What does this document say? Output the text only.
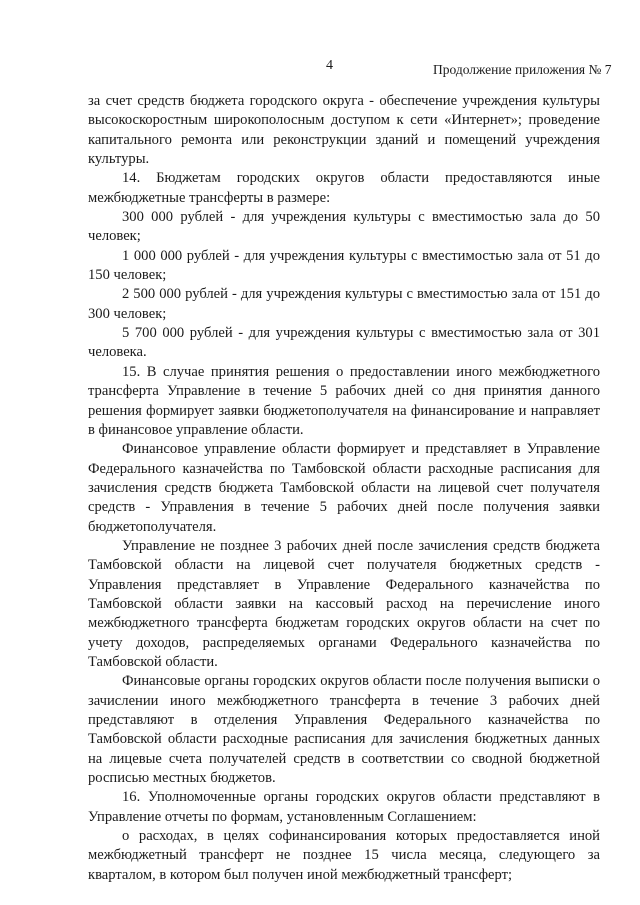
4	Продолжение приложения № 7

за счет средств бюджета городского округа - обеспечение учреждения культуры высокоскоростным широкополосным доступом к сети «Интернет»; проведение капитального ремонта или реконструкции зданий и помещений учреждения культуры.

14. Бюджетам городских округов области предоставляются иные межбюджетные трансферты в размере:

300 000 рублей - для учреждения культуры с вместимостью зала до 50 человек;

1 000 000 рублей - для учреждения культуры с вместимостью зала от 51 до 150 человек;

2 500 000 рублей - для учреждения культуры с вместимостью зала от 151 до 300 человек;

5 700 000 рублей - для учреждения культуры с вместимостью зала от 301 человека.

15. В случае принятия решения о предоставлении иного межбюджетного трансферта Управление в течение 5 рабочих дней со дня принятия данного решения формирует заявки бюджетополучателя на финансирование и направляет в финансовое управление области.

Финансовое управление области формирует и представляет в Управление Федерального казначейства по Тамбовской области расходные расписания для зачисления средств бюджета Тамбовской области на лицевой счет получателя средств - Управления в течение 5 рабочих дней после получения заявки бюджетополучателя.

Управление не позднее 3 рабочих дней после зачисления средств бюджета Тамбовской области на лицевой счет получателя бюджетных средств - Управления представляет в Управление Федерального казначейства по Тамбовской области заявки на кассовый расход на перечисление иного межбюджетного трансферта бюджетам городских округов области на счет по учету доходов, распределяемых органами Федерального казначейства по Тамбовской области.

Финансовые органы городских округов области после получения выписки о зачислении иного межбюджетного трансферта в течение 3 рабочих дней представляют в отделения Управления Федерального казначейства по Тамбовской области расходные расписания для зачисления бюджетных данных на лицевые счета получателей средств в соответствии со сводной бюджетной росписью местных бюджетов.

16. Уполномоченные органы городских округов области представляют в Управление отчеты по формам, установленным Соглашением:

о расходах, в целях софинансирования которых предоставляется иной межбюджетный трансферт не позднее 15 числа месяца, следующего за кварталом, в котором был получен иной межбюджетный трансферт;
